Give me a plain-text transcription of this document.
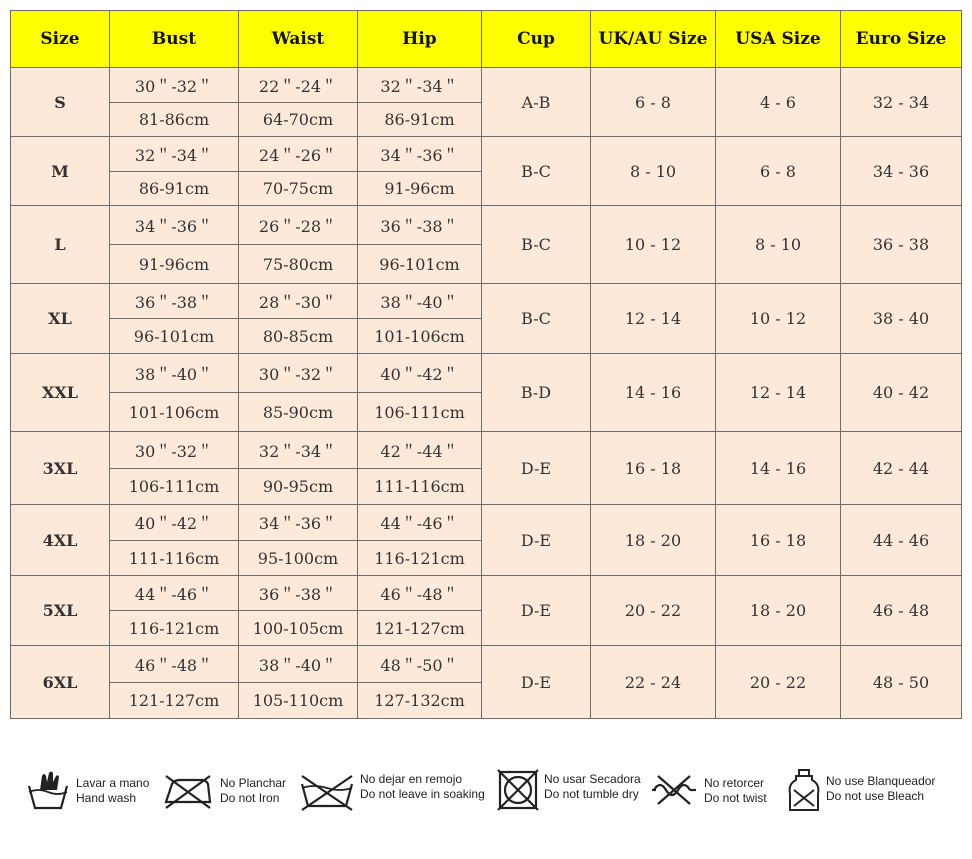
Size	Bust	Waist	Hip	Cup	UK/AU Size	USA Size	Euro Size
S	30＂-32＂	22＂-24＂	32＂-34＂	A-B	6 - 8	4 - 6	32 - 34
	81-86cm	64-70cm	86-91cm				
M	32＂-34＂	24＂-26＂	34＂-36＂	B-C	8 - 10	6 - 8	34 - 36
	86-91cm	70-75cm	91-96cm				
L	34＂-36＂	26＂-28＂	36＂-38＂	B-C	10 - 12	8 - 10	36 - 38
	91-96cm	75-80cm	96-101cm				
XL	36＂-38＂	28＂-30＂	38＂-40＂	B-C	12 - 14	10 - 12	38 - 40
	96-101cm	80-85cm	101-106cm				
XXL	38＂-40＂	30＂-32＂	40＂-42＂	B-D	14 - 16	12 - 14	40 - 42
	101-106cm	85-90cm	106-111cm				
3XL	30＂-32＂	32＂-34＂	42＂-44＂	D-E	16 - 18	14 - 16	42 - 44
	106-111cm	90-95cm	111-116cm				
4XL	40＂-42＂	34＂-36＂	44＂-46＂	D-E	18 - 20	16 - 18	44 - 46
	111-116cm	95-100cm	116-121cm				
5XL	44＂-46＂	36＂-38＂	46＂-48＂	D-E	20 - 22	18 - 20	46 - 48
	116-121cm	100-105cm	121-127cm				
6XL	46＂-48＂	38＂-40＂	48＂-50＂	D-E	22 - 24	20 - 22	48 - 50
	121-127cm	105-110cm	127-132cm				
Lavar a mano
Hand wash
No Planchar
Do not Iron
No dejar en remojo
Do not leave in soaking
No usar Secadora
Do not tumble dry
No retorcer
Do not twist
No use Blanqueador
Do not use Bleach
